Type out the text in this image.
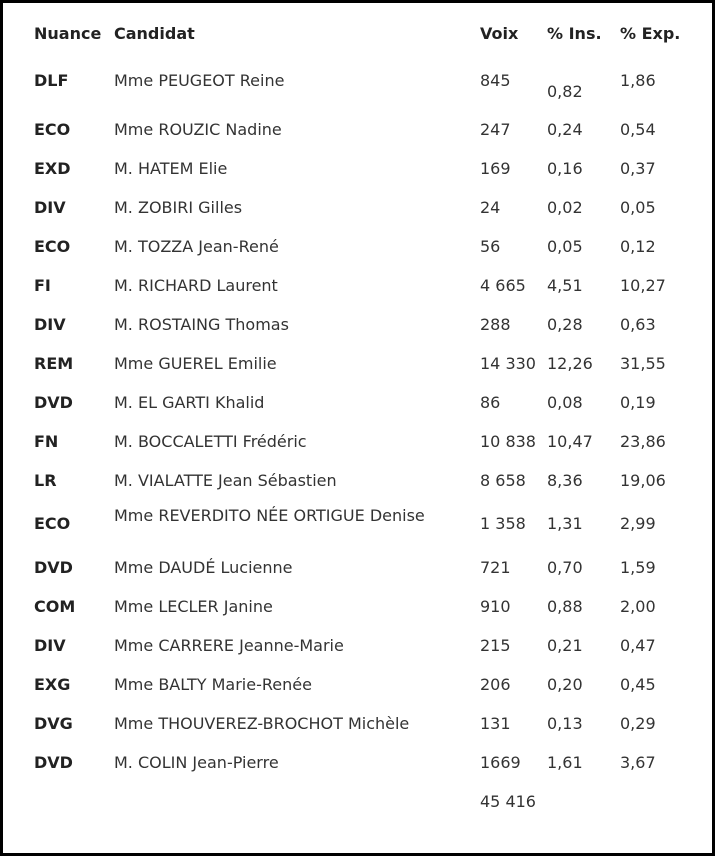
Nuance	Candidat	Voix	% Ins.	% Exp.
DLF	Mme PEUGEOT Reine	845	0,82	1,86
ECO	Mme ROUZIC Nadine	247	0,24	0,54
EXD	M. HATEM Elie	169	0,16	0,37
DIV	M. ZOBIRI Gilles	24	0,02	0,05
ECO	M. TOZZA Jean-René	56	0,05	0,12
FI	M. RICHARD Laurent	4 665	4,51	10,27
DIV	M. ROSTAING Thomas	288	0,28	0,63
REM	Mme GUEREL Emilie	14 330	12,26	31,55
DVD	M. EL GARTI Khalid	86	0,08	0,19
FN	M. BOCCALETTI Frédéric	10 838	10,47	23,86
LR	M. VIALATTE Jean Sébastien	8 658	8,36	19,06
ECO	Mme REVERDITO NÉE ORTIGUE Denise	1 358	1,31	2,99
DVD	Mme DAUDÉ Lucienne	721	0,70	1,59
COM	Mme LECLER Janine	910	0,88	2,00
DIV	Mme CARRERE Jeanne-Marie	215	0,21	0,47
EXG	Mme BALTY Marie-Renée	206	0,20	0,45
DVG	Mme THOUVEREZ-BROCHOT Michèle	131	0,13	0,29
DVD	M. COLIN Jean-Pierre	1669	1,61	3,67
		45 416		
